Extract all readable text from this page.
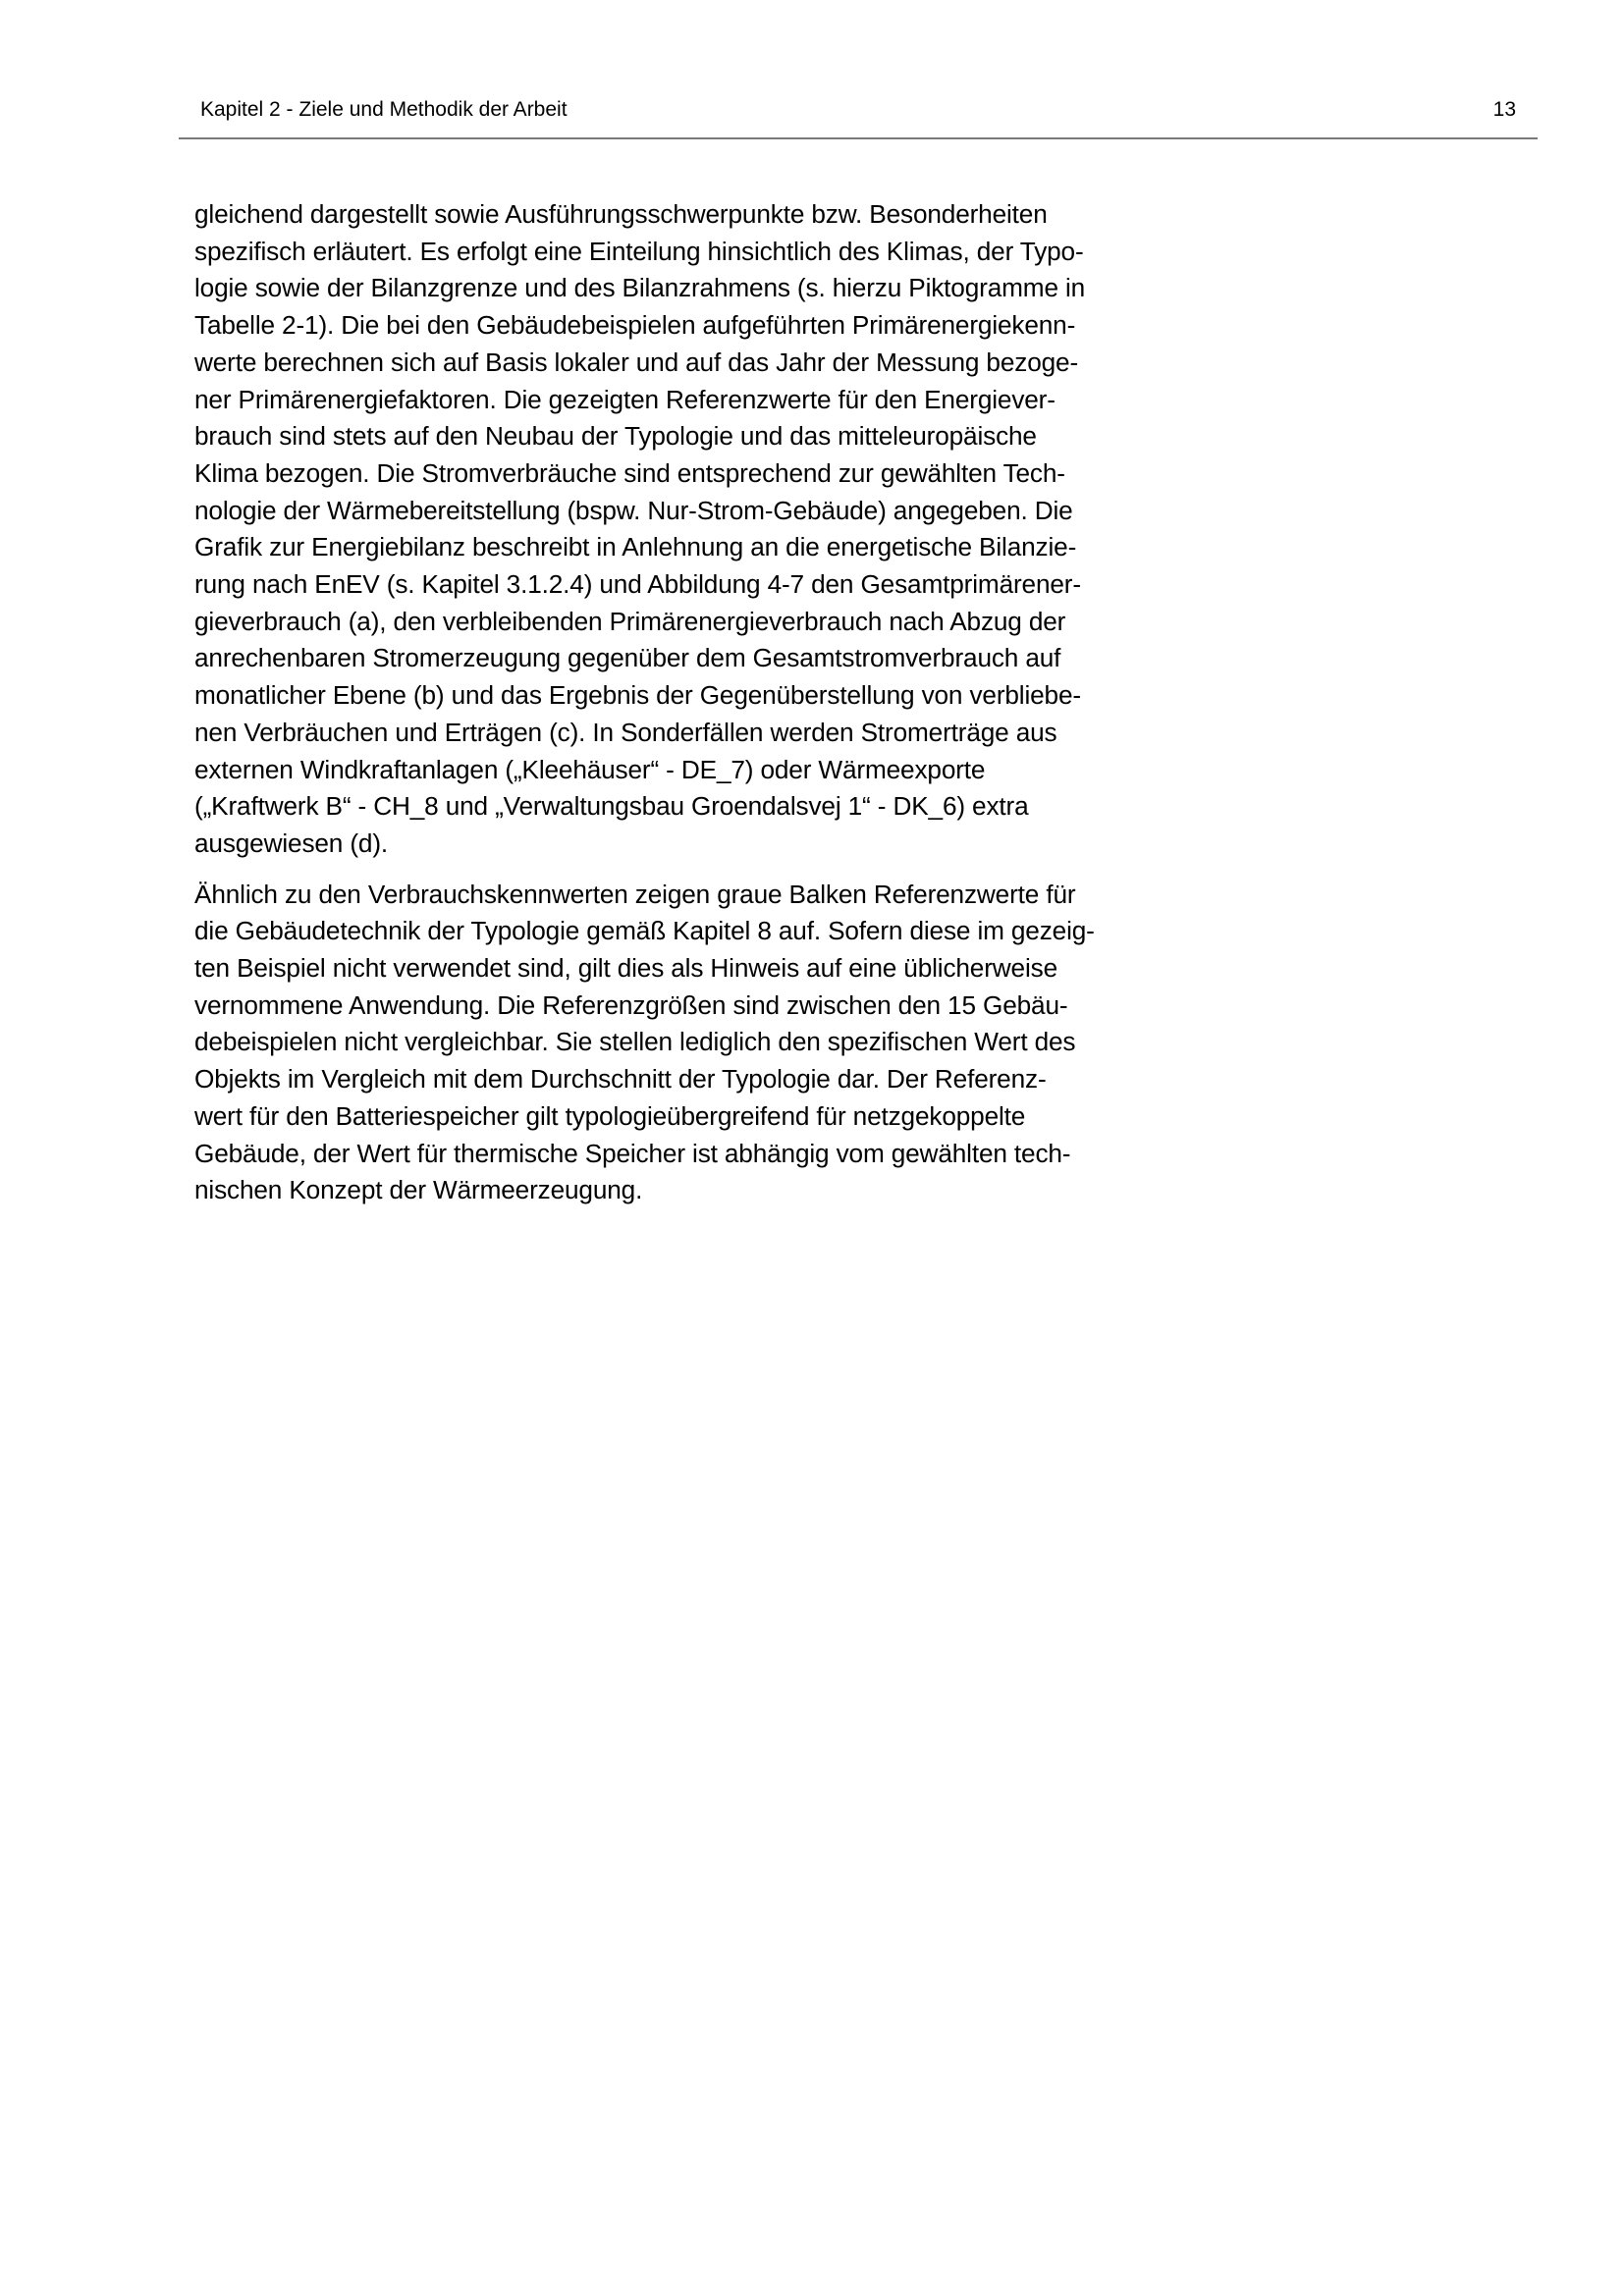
Kapitel 2 - Ziele und Methodik der Arbeit	13

gleichend dargestellt sowie Ausführungsschwerpunkte bzw. Besonderheiten
spezifisch erläutert. Es erfolgt eine Einteilung hinsichtlich des Klimas, der Typo-
logie sowie der Bilanzgrenze und des Bilanzrahmens (s. hierzu Piktogramme in
Tabelle 2-1). Die bei den Gebäudebeispielen aufgeführten Primärenergiekenn-
werte berechnen sich auf Basis lokaler und auf das Jahr der Messung bezoge-
ner Primärenergiefaktoren. Die gezeigten Referenzwerte für den Energiever-
brauch sind stets auf den Neubau der Typologie und das mitteleuropäische
Klima bezogen. Die Stromverbräuche sind entsprechend zur gewählten Tech-
nologie der Wärmebereitstellung (bspw. Nur-Strom-Gebäude) angegeben. Die
Grafik zur Energiebilanz beschreibt in Anlehnung an die energetische Bilanzie-
rung nach EnEV (s. Kapitel 3.1.2.4) und Abbildung 4-7 den Gesamtprimärener-
gieverbrauch (a), den verbleibenden Primärenergieverbrauch nach Abzug der
anrechenbaren Stromerzeugung gegenüber dem Gesamtstromverbrauch auf
monatlicher Ebene (b) und das Ergebnis der Gegenüberstellung von verbliebe-
nen Verbräuchen und Erträgen (c). In Sonderfällen werden Stromerträge aus
externen Windkraftanlagen („Kleehäuser“ - DE_7) oder Wärmeexporte
(„Kraftwerk B“ - CH_8 und „Verwaltungsbau Groendalsvej 1“ - DK_6) extra
ausgewiesen (d).

Ähnlich zu den Verbrauchskennwerten zeigen graue Balken Referenzwerte für
die Gebäudetechnik der Typologie gemäß Kapitel 8 auf. Sofern diese im gezeig-
ten Beispiel nicht verwendet sind, gilt dies als Hinweis auf eine üblicherweise
vernommene Anwendung. Die Referenzgrößen sind zwischen den 15 Gebäu-
debeispielen nicht vergleichbar. Sie stellen lediglich den spezifischen Wert des
Objekts im Vergleich mit dem Durchschnitt der Typologie dar. Der Referenz-
wert für den Batteriespeicher gilt typologieübergreifend für netzgekoppelte
Gebäude, der Wert für thermische Speicher ist abhängig vom gewählten tech-
nischen Konzept der Wärmeerzeugung.
